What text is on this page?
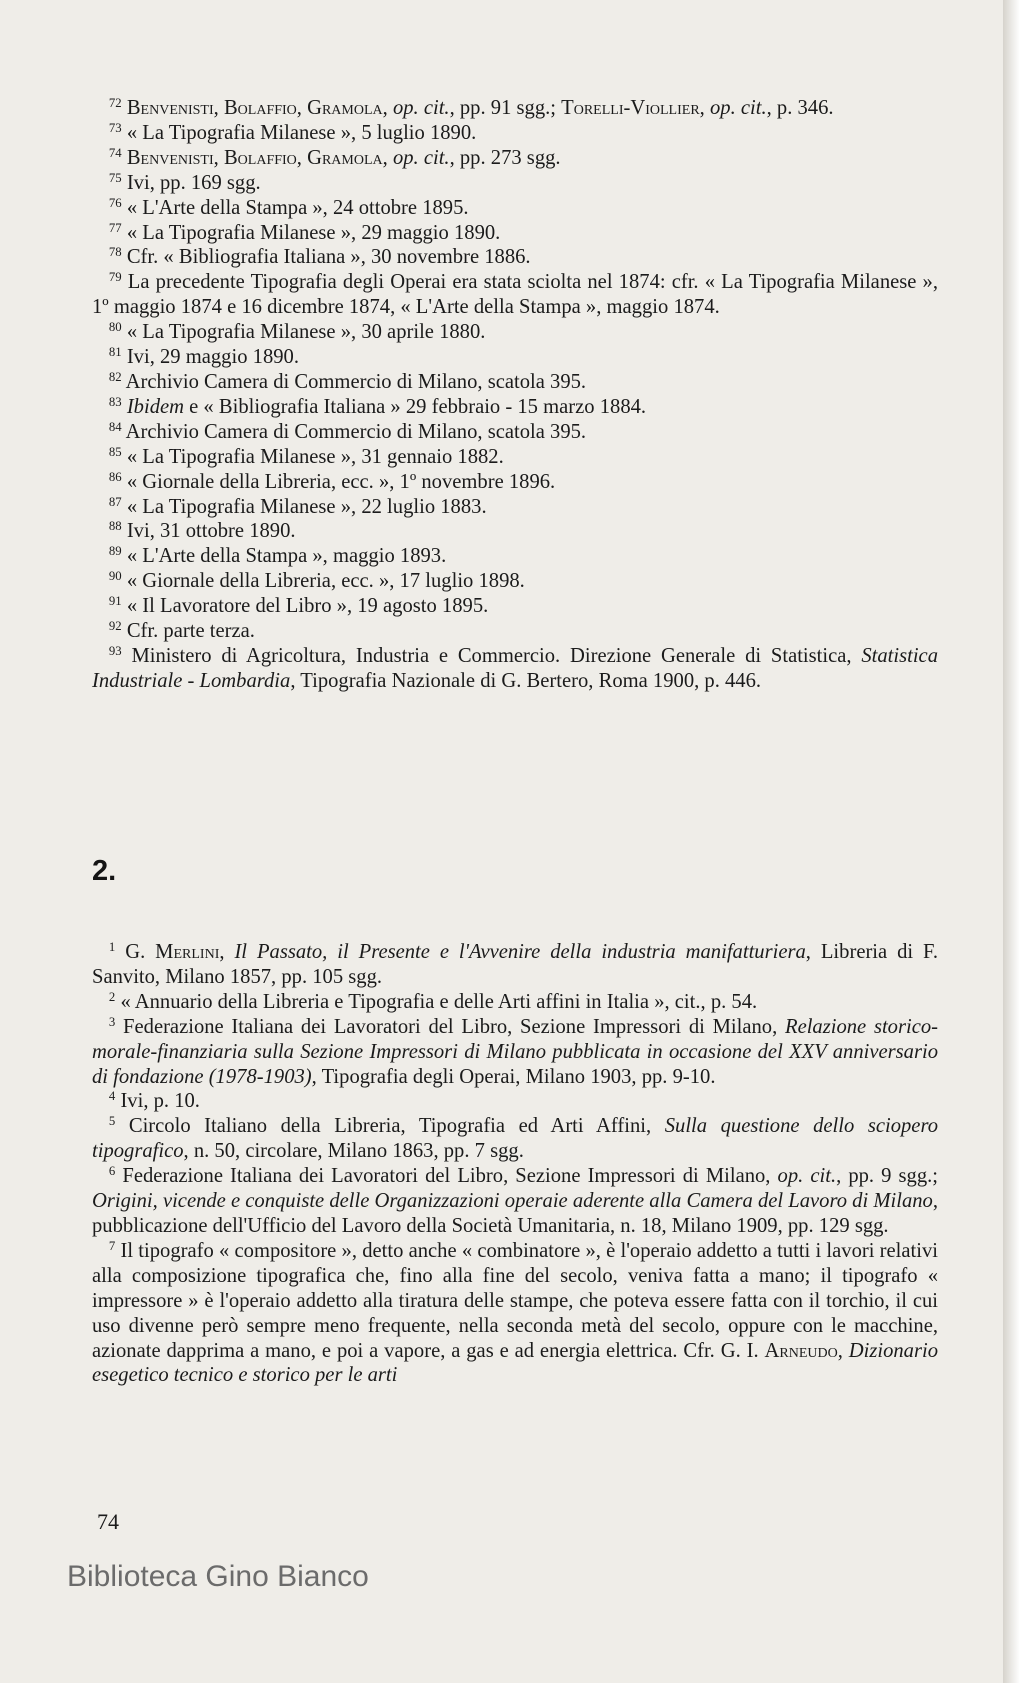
$^{72}$ Benvenisti, Bolaffio, Gramola, op. cit., pp. 91 sgg.; Torelli-Viollier, op. cit., p. 346.

$^{73}$ « La Tipografia Milanese », 5 luglio 1890.

$^{74}$ Benvenisti, Bolaffio, Gramola, op. cit., pp. 273 sgg.

$^{75}$ Ivi, pp. 169 sgg.

$^{76}$ « L'Arte della Stampa », 24 ottobre 1895.

$^{77}$ « La Tipografia Milanese », 29 maggio 1890.

$^{78}$ Cfr. « Bibliografia Italiana », 30 novembre 1886.

$^{79}$ La precedente Tipografia degli Operai era stata sciolta nel 1874: cfr. « La Tipografia Milanese », 1º maggio 1874 e 16 dicembre 1874, « L'Arte della Stampa », maggio 1874.

$^{80}$ « La Tipografia Milanese », 30 aprile 1880.

$^{81}$ Ivi, 29 maggio 1890.

$^{82}$ Archivio Camera di Commercio di Milano, scatola 395.

$^{83}$ Ibidem e « Bibliografia Italiana » 29 febbraio - 15 marzo 1884.

$^{84}$ Archivio Camera di Commercio di Milano, scatola 395.

$^{85}$ « La Tipografia Milanese », 31 gennaio 1882.

$^{86}$ « Giornale della Libreria, ecc. », 1º novembre 1896.

$^{87}$ « La Tipografia Milanese », 22 luglio 1883.

$^{88}$ Ivi, 31 ottobre 1890.

$^{89}$ « L'Arte della Stampa », maggio 1893.

$^{90}$ « Giornale della Libreria, ecc. », 17 luglio 1898.

$^{91}$ « Il Lavoratore del Libro », 19 agosto 1895.

$^{92}$ Cfr. parte terza.

$^{93}$ Ministero di Agricoltura, Industria e Commercio. Direzione Generale di Statistica, Statistica Industriale - Lombardia, Tipografia Nazionale di G. Bertero, Roma 1900, p. 446.

2.

$^1$ G. Merlini, Il Passato, il Presente e l'Avvenire della industria manifatturiera, Libreria di F. Sanvito, Milano 1857, pp. 105 sgg.

$^2$ « Annuario della Libreria e Tipografia e delle Arti affini in Italia », cit., p. 54.

$^3$ Federazione Italiana dei Lavoratori del Libro, Sezione Impressori di Milano, Relazione storico-morale-finanziaria sulla Sezione Impressori di Milano pubblicata in occasione del XXV anniversario di fondazione (1978-1903), Tipografia degli Operai, Milano 1903, pp. 9-10.

$^4$ Ivi, p. 10.

$^5$ Circolo Italiano della Libreria, Tipografia ed Arti Affini, Sulla questione dello sciopero tipografico, n. 50, circolare, Milano 1863, pp. 7 sgg.

$^6$ Federazione Italiana dei Lavoratori del Libro, Sezione Impressori di Milano, op. cit., pp. 9 sgg.; Origini, vicende e conquiste delle Organizzazioni operaie aderente alla Camera del Lavoro di Milano, pubblicazione dell'Ufficio del Lavoro della Società Umanitaria, n. 18, Milano 1909, pp. 129 sgg.

$^7$ Il tipografo « compositore », detto anche « combinatore », è l'operaio addetto a tutti i lavori relativi alla composizione tipografica che, fino alla fine del secolo, veniva fatta a mano; il tipografo « impressore » è l'operaio addetto alla tiratura delle stampe, che poteva essere fatta con il torchio, il cui uso divenne però sempre meno frequente, nella seconda metà del secolo, oppure con le macchine, azionate dapprima a mano, e poi a vapore, a gas e ad energia elettrica. Cfr. G. I. Arneudo, Dizionario esegetico tecnico e storico per le arti

74
Biblioteca Gino Bianco
